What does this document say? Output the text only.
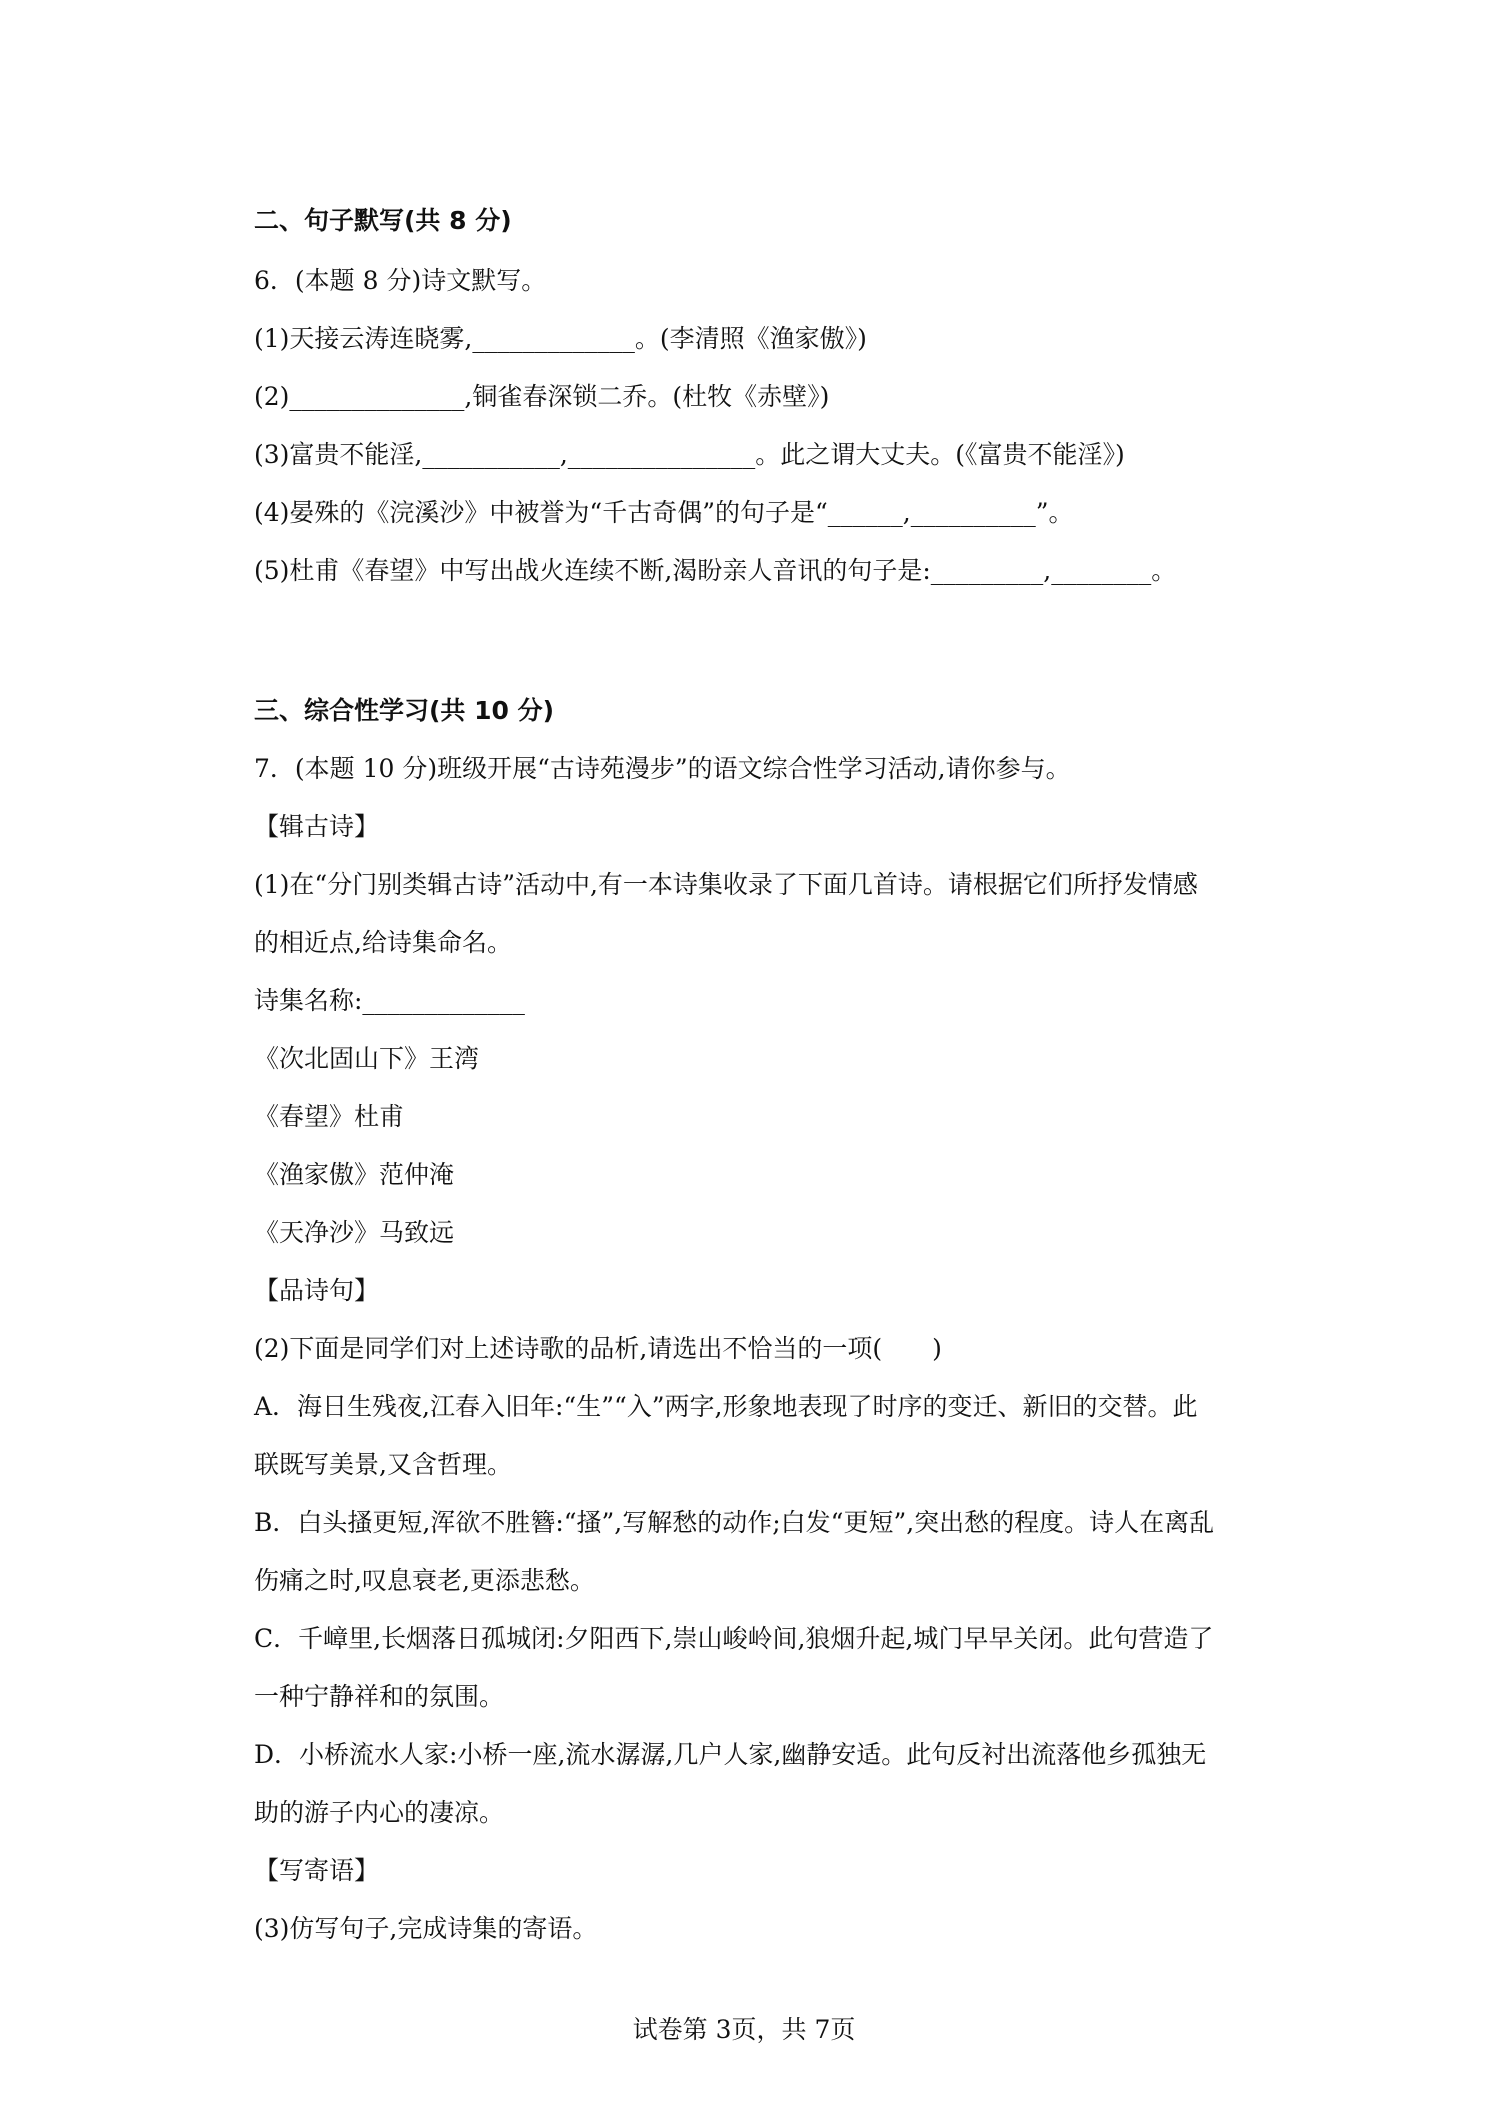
二、句子默写(共 8 分)
6．(本题 8 分)诗文默写。
(1)天接云涛连晓雾,_____________。(李清照《渔家傲》)
(2)______________,铜雀春深锁二乔。(杜牧《赤壁》)
(3)富贵不能淫,___________,_______________。此之谓大丈夫。(《富贵不能淫》)
(4)晏殊的《浣溪沙》中被誉为“千古奇偶”的句子是“______,__________”。
(5)杜甫《春望》中写出战火连续不断,渴盼亲人音讯的句子是:_________,________。
三、综合性学习(共 10 分)
7．(本题 10 分)班级开展“古诗苑漫步”的语文综合性学习活动,请你参与。
【辑古诗】
(1)在“分门别类辑古诗”活动中,有一本诗集收录了下面几首诗。请根据它们所抒发情感
的相近点,给诗集命名。
诗集名称:_____________
《次北固山下》王湾
《春望》杜甫
《渔家傲》范仲淹
《天净沙》马致远
【品诗句】
(2)下面是同学们对上述诗歌的品析,请选出不恰当的一项(　　)
A．海日生残夜,江春入旧年:“生”“入”两字,形象地表现了时序的变迁、新旧的交替。此
联既写美景,又含哲理。
B．白头搔更短,浑欲不胜簪:“搔”,写解愁的动作;白发“更短”,突出愁的程度。诗人在离乱
伤痛之时,叹息衰老,更添悲愁。
C．千嶂里,长烟落日孤城闭:夕阳西下,崇山峻岭间,狼烟升起,城门早早关闭。此句营造了
一种宁静祥和的氛围。
D．小桥流水人家:小桥一座,流水潺潺,几户人家,幽静安适。此句反衬出流落他乡孤独无
助的游子内心的凄凉。
【写寄语】
(3)仿写句子,完成诗集的寄语。
试卷第 3页，共 7页
